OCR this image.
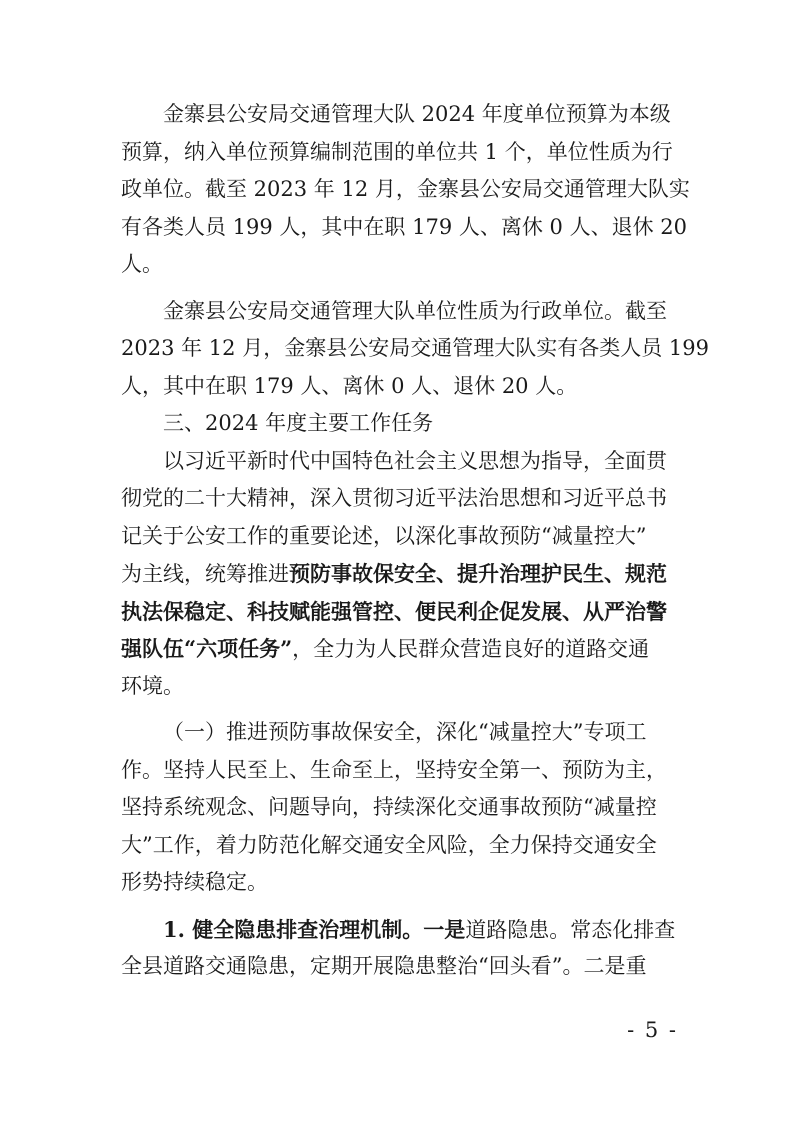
金寨县公安局交通管理大队 2024 年度单位预算为本级
预算，纳入单位预算编制范围的单位共 1 个，单位性质为行
政单位。截至 2023 年 12 月，金寨县公安局交通管理大队实
有各类人员 199 人，其中在职 179 人、离休 0 人、退休 20
人。
金寨县公安局交通管理大队单位性质为行政单位。截至
2023 年 12 月，金寨县公安局交通管理大队实有各类人员 199
人，其中在职 179 人、离休 0 人、退休 20 人。
三、2024 年度主要工作任务
以习近平新时代中国特色社会主义思想为指导，全面贯
彻党的二十大精神，深入贯彻习近平法治思想和习近平总书
记关于公安工作的重要论述，以深化事故预防“减量控大”
为主线，统筹推进预防事故保安全、提升治理护民生、规范
执法保稳定、科技赋能强管控、便民利企促发展、从严治警
强队伍“六项任务”，全力为人民群众营造良好的道路交通
环境。
（一）推进预防事故保安全，深化“减量控大”专项工
作。坚持人民至上、生命至上，坚持安全第一、预防为主，
坚持系统观念、问题导向，持续深化交通事故预防“减量控
大”工作，着力防范化解交通安全风险，全力保持交通安全
形势持续稳定。
1. 健全隐患排查治理机制。一是道路隐患。常态化排查
全县道路交通隐患，定期开展隐患整治“回头看”。二是重
- 5 -
